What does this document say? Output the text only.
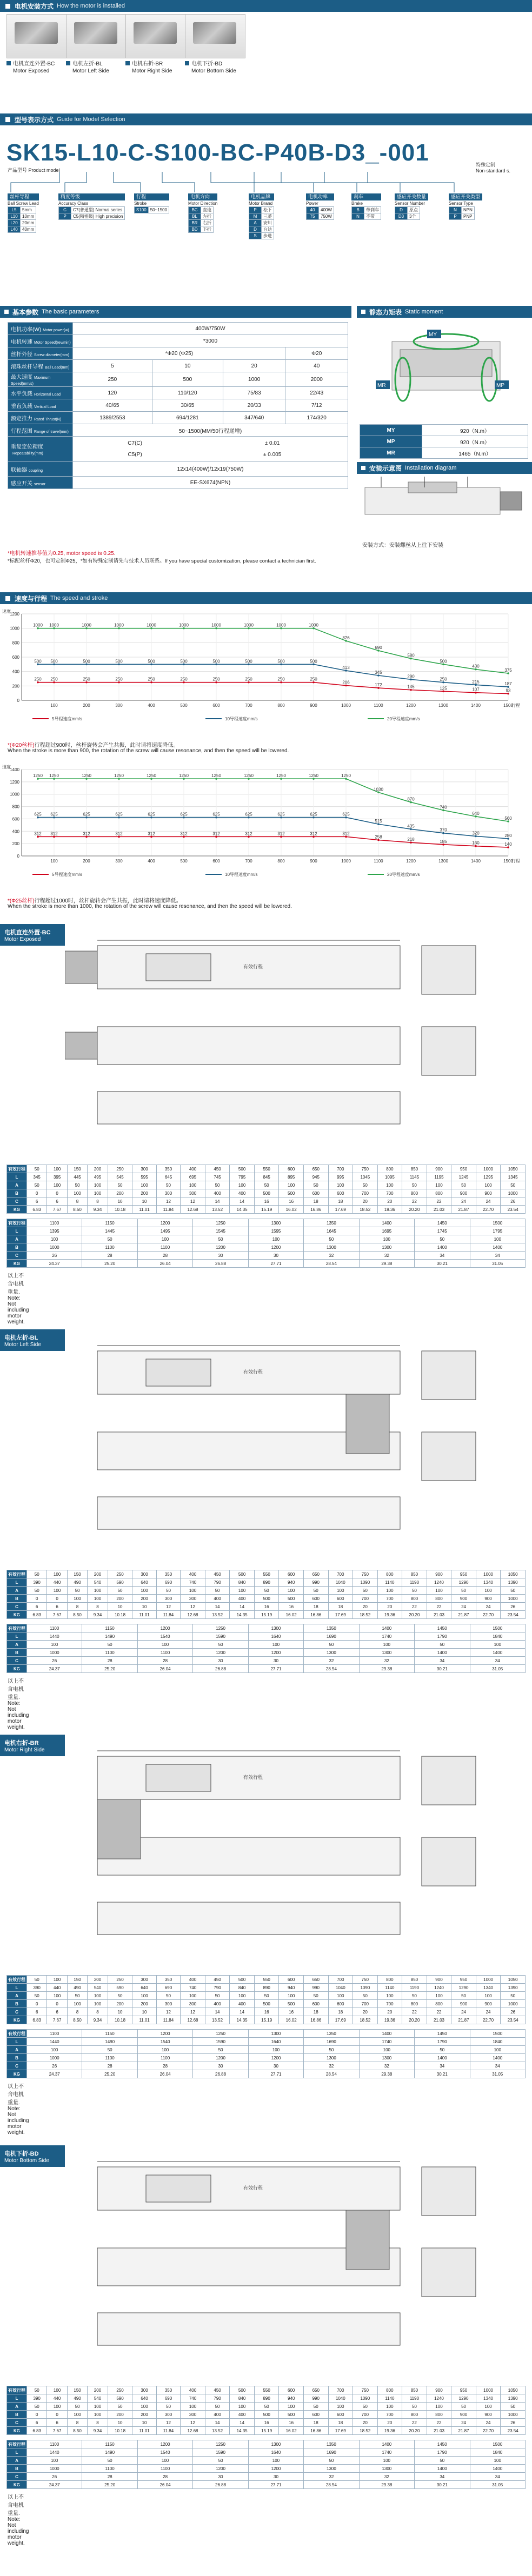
电机安装方式 How the motor is installed
电机直连外置-BC
Motor Exposed
电机左折-BL
Motor Left Side
电机右折-BR
Motor Right Side
电机下折-BD
Motor Bottom Side
型号表示方式 Guide for Model Selection
SK15-L10-C-S100-BC-P40B-D3_-001
产品型号 Product model
特殊定制
Non-standard s.
丝杆导程
Ball Screw Lead
L5	5mm
L10	10mm
L20	20mm
L40	40mm
精度等级
Accuracy Class
C	C7(普通型) Normal series
P	C5(精密级) High precision
行程
Stroke
S100	50~1500
电机方向
Motor Direction
BC	直连
BL	左折
BR	右折
BD	下折
电机品牌
Motor Brand
P	松下
M	三菱
A	安川
D	台达
S	步进
电机功率
Power
40	400W
75	750W
刹车
Brake
B	带刹车
N	不带
感应开关数量
Sensor Number
D	原点
D3	3个
感应开关类型
Sensor Type
N	NPN
P	PNP
基本参数 The basic parameters
电机功率(W) Motor power(w)	400W/750W
电机转速 Motor Speed(rev/min)	*3000
丝杆外径 Screw diameter(mm)	*Φ20 (Φ25)	Φ20
滚珠丝杆导程 Ball Lead(mm)	5	10	20	40
最大速度 Maximum Speed(mm/s)	250	500	1000	2000
水平负载 Horizontal Load	120	110/120	75/83	22/43
垂直负载 Vertical Load	40/65	30/65	20/33	7/12
额定推力 Rated Thrust(N)	1389/2553	694/1281	347/640	174/320
行程范围 Range of travel(mm)	50~1500(MM/50行程递增)
重复定位精度Repeatability(mm)	
C7(C)	± 0.01
C5(P)	± 0.005

联轴器 coupling	12x14(400W)/12x19(750W)
感应开关 sensor	EE-SX674(NPN)
*电机转速推荐值为0.25, motor speed is 0.25.
*标配丝杆Φ20，也可定制Φ25，*如有特殊定制请先与技术人员联系。If you have special customization, please contact a technician first.
静态力矩表 Static moment
MY
MR	MP
MY	920（N.m）
MP	920（N.m）
MR	1465（N.m）
安装示意图 Installation diagram
安装方式：安装螺丝从上往下安装
速度与行程 The speed and stroke
速度
0
200
400
600
800
1000
1200
100	200	300	400	500	600	700	800	900	1000	1100	1200	1300	1400	1500
行程
1000 1000	1000	1000	1000	1000	1000	1000	1000	1000
826
690
580
500
430
375
500 500	500	500	500	500	500	500	500	500
413
345
290
250
215	187
250 250	250	250	250	250	250	250	250	250
206
172	145	125	107	93
5导程速度mm/s	10导程速度mm/s	20导程速度mm/s
*(Φ20丝杆)行程超过900时，丝杆旋转会产生共振，此时请将速度降低。
When the stroke is more than 900, the rotation of the screw will cause resonance, and then the speed will be lowered.
速度
0
200
400
600
800
1000
1200
1400
100	200	300	400	500	600	700	800	900	1000	1100	1200	1300	1400	1500
行程
1250 1250	1250	1250	1250	1250	1250	1250	1250	1250	1250
1030
870
740
640
560
625 625	625	625	625	625	625	625	625	625	625
515
435
370
320
280
312 312	312	312	312	312	312	312	312	312	312
258
218	185	160	140
5导程速度mm/s	10导程速度mm/s	20导程速度mm/s
*(Φ25丝杆)行程超过1000时，丝杆旋转会产生共振，此时请将速度降低。
When the stroke is more than 1000, the rotation of the screw will cause resonance, and then the speed will be lowered.
电机直连外置-BC
Motor Exposed
有效行程
有效行程	50	100	150	200	250	300	350	400	450	500	550	600	650	700	750	800	850	900	950	1000	1050
L	345	395	445	495	545	595	645	695	745	795	845	895	945	995	1045	1095	1145	1195	1245	1295	1345
A	50	100	50	100	50	100	50	100	50	100	50	100	50	100	50	100	50	100	50	100	50
B	0	0	100	100	200	200	300	300	400	400	500	500	600	600	700	700	800	800	900	900	1000
C	6	6	8	8	10	10	12	12	14	14	16	16	18	18	20	20	22	22	24	24	26
KG	6.83	7.67	8.50	9.34	10.18	11.01	11.84	12.68	13.52	14.35	15.19	16.02	16.86	17.69	18.52	19.36	20.20	21.03	21.87	22.70	23.54
有效行程	1100	1150	1200	1250	1300	1350	1400	1450	1500
L	1395	1445	1495	1545	1595	1645	1695	1745	1795
A	100	50	100	50	100	50	100	50	100
B	1000	1100	1100	1200	1200	1300	1300	1400	1400
C	26	28	28	30	30	32	32	34	34
KG	24.37	25.20	26.04	26.88	27.71	28.54	29.38	30.21	31.05
以上不含电机重量. Note: Not including motor weight.
电机左折-BL
Motor Left Side
有效行程
有效行程	50	100	150	200	250	300	350	400	450	500	550	600	650	700	750	800	850	900	950	1000	1050
L	390	440	490	540	590	640	690	740	790	840	890	940	990	1040	1090	1140	1190	1240	1290	1340	1390
A	50	100	50	100	50	100	50	100	50	100	50	100	50	100	50	100	50	100	50	100	50
B	0	0	100	100	200	200	300	300	400	400	500	500	600	600	700	700	800	800	900	900	1000
C	6	6	8	8	10	10	12	12	14	14	16	16	18	18	20	20	22	22	24	24	26
KG	6.83	7.67	8.50	9.34	10.18	11.01	11.84	12.68	13.52	14.35	15.19	16.02	16.86	17.69	18.52	19.36	20.20	21.03	21.87	22.70	23.54
有效行程	1100	1150	1200	1250	1300	1350	1400	1450	1500
L	1440	1490	1540	1590	1640	1690	1740	1790	1840
A	100	50	100	50	100	50	100	50	100
B	1000	1100	1100	1200	1200	1300	1300	1400	1400
C	26	28	28	30	30	32	32	34	34
KG	24.37	25.20	26.04	26.88	27.71	28.54	29.38	30.21	31.05
以上不含电机重量. Note: Not including motor weight.
电机右折-BR
Motor Right Side
有效行程
有效行程	50	100	150	200	250	300	350	400	450	500	550	600	650	700	750	800	850	900	950	1000	1050
L	390	440	490	540	590	640	690	740	790	840	890	940	990	1040	1090	1140	1190	1240	1290	1340	1390
A	50	100	50	100	50	100	50	100	50	100	50	100	50	100	50	100	50	100	50	100	50
B	0	0	100	100	200	200	300	300	400	400	500	500	600	600	700	700	800	800	900	900	1000
C	6	6	8	8	10	10	12	12	14	14	16	16	18	18	20	20	22	22	24	24	26
KG	6.83	7.67	8.50	9.34	10.18	11.01	11.84	12.68	13.52	14.35	15.19	16.02	16.86	17.69	18.52	19.36	20.20	21.03	21.87	22.70	23.54
有效行程	1100	1150	1200	1250	1300	1350	1400	1450	1500
L	1440	1490	1540	1590	1640	1690	1740	1790	1840
A	100	50	100	50	100	50	100	50	100
B	1000	1100	1100	1200	1200	1300	1300	1400	1400
C	26	28	28	30	30	32	32	34	34
KG	24.37	25.20	26.04	26.88	27.71	28.54	29.38	30.21	31.05
以上不含电机重量. Note: Not including motor weight.
电机下折-BD
Motor Bottom Side
有效行程
有效行程	50	100	150	200	250	300	350	400	450	500	550	600	650	700	750	800	850	900	950	1000	1050
L	390	440	490	540	590	640	690	740	790	840	890	940	990	1040	1090	1140	1190	1240	1290	1340	1390
A	50	100	50	100	50	100	50	100	50	100	50	100	50	100	50	100	50	100	50	100	50
B	0	0	100	100	200	200	300	300	400	400	500	500	600	600	700	700	800	800	900	900	1000
C	6	6	8	8	10	10	12	12	14	14	16	16	18	18	20	20	22	22	24	24	26
KG	6.83	7.67	8.50	9.34	10.18	11.01	11.84	12.68	13.52	14.35	15.19	16.02	16.86	17.69	18.52	19.36	20.20	21.03	21.87	22.70	23.54
有效行程	1100	1150	1200	1250	1300	1350	1400	1450	1500
L	1440	1490	1540	1590	1640	1690	1740	1790	1840
A	100	50	100	50	100	50	100	50	100
B	1000	1100	1100	1200	1200	1300	1300	1400	1400
C	26	28	28	30	30	32	32	34	34
KG	24.37	25.20	26.04	26.88	27.71	28.54	29.38	30.21	31.05
以上不含电机重量. Note: Not including motor weight.
